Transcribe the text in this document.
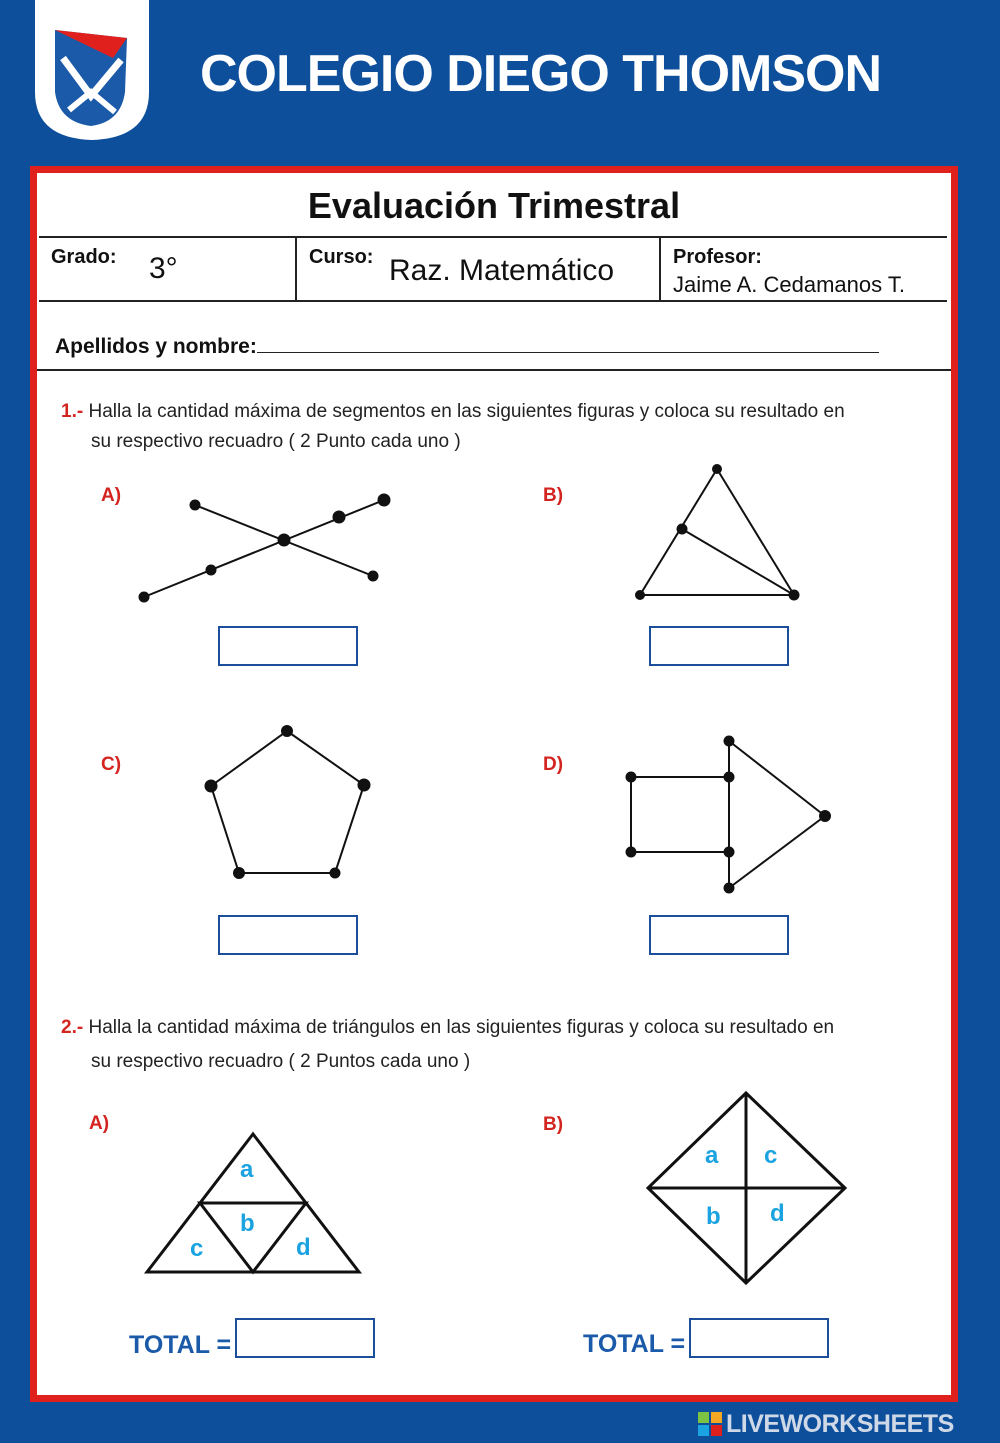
COLEGIO DIEGO THOMSON
Evaluación Trimestral
Grado: 3°	Curso: Raz. Matemático	Profesor:
Jaime A. Cedamanos T.
Apellidos y nombre:
1.- Halla la cantidad máxima de segmentos en las siguientes figuras y coloca su resultado en
su respectivo recuadro ( 2 Punto cada uno )
A)	B)
C)	D)
2.- Halla la cantidad máxima de triángulos en las siguientes figuras y coloca su resultado en
su respectivo recuadro ( 2 Puntos cada uno )
A)	B)
a
b
c	d
a c
b d
TOTAL =	TOTAL =
LIVEWORKSHEETS
